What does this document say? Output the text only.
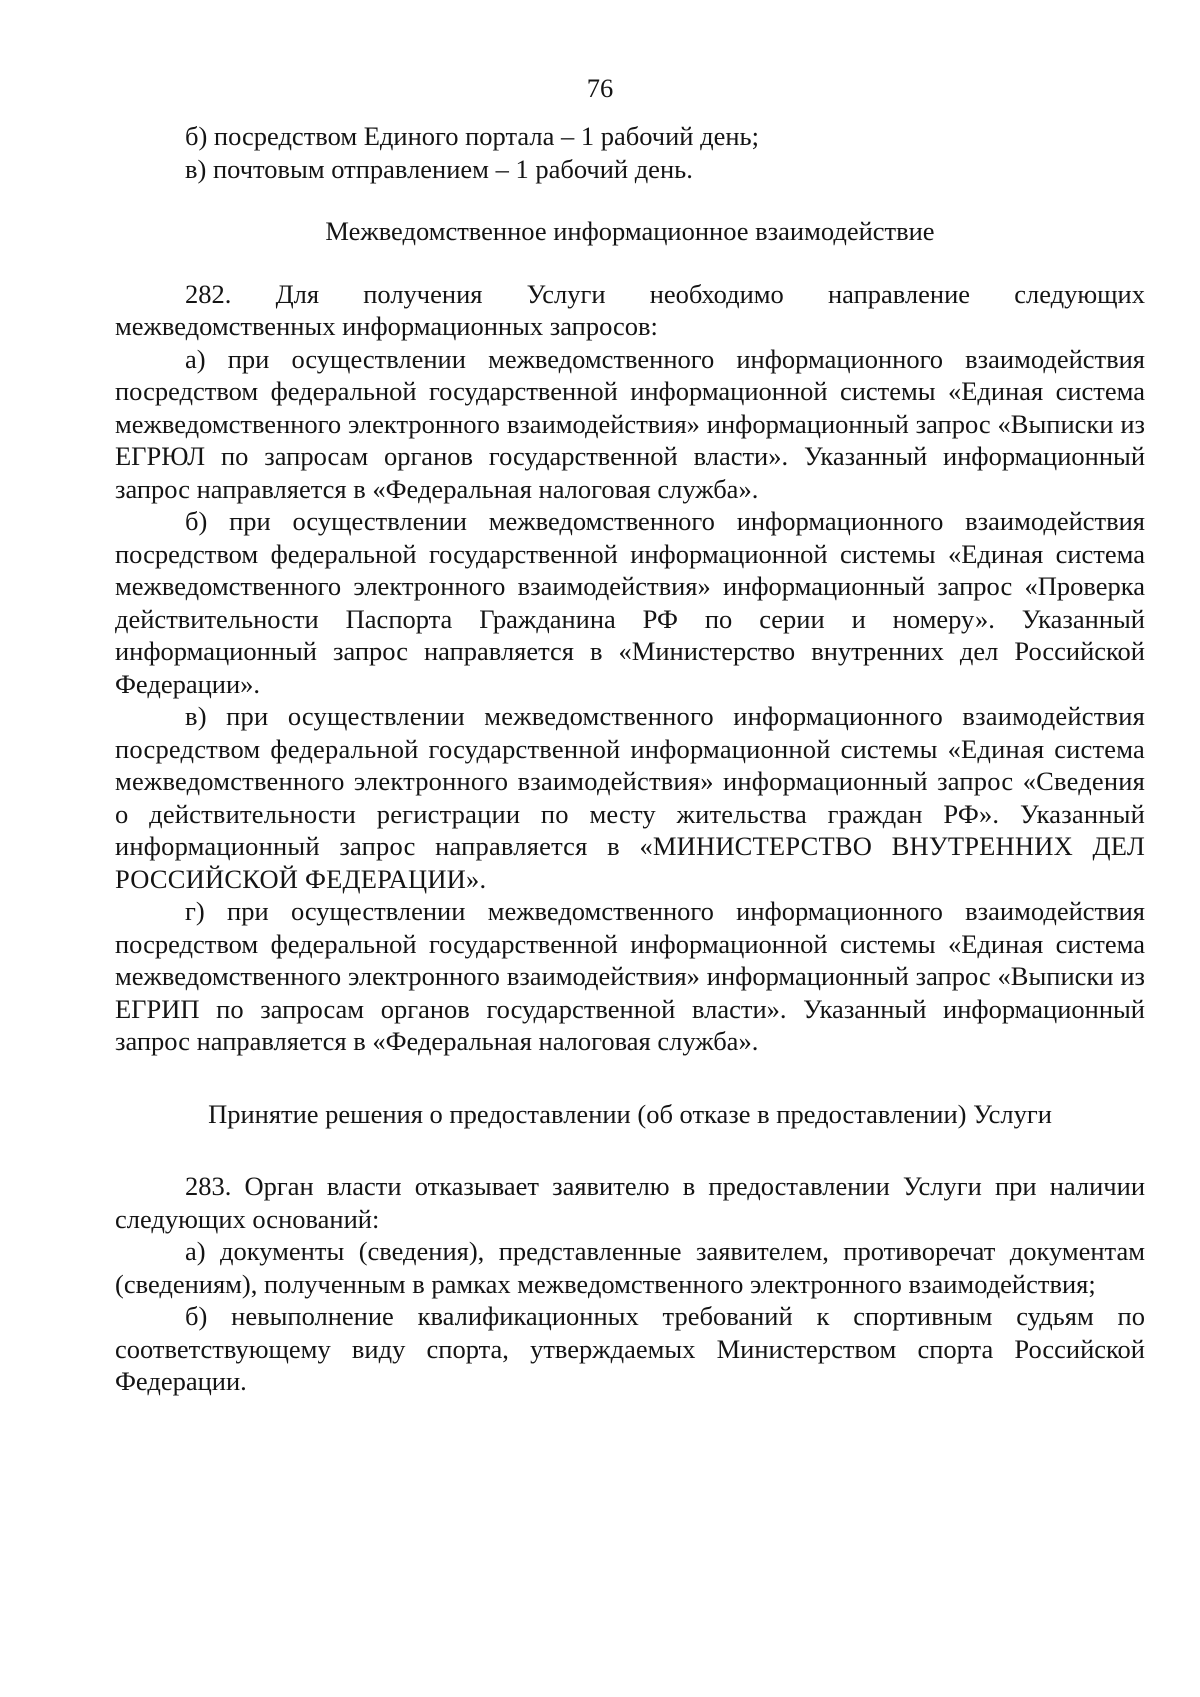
76

б) посредством Единого портала – 1 рабочий день;

в) почтовым отправлением – 1 рабочий день.

Межведомственное информационное взаимодействие

282. Для получения Услуги необходимо направление следующих межведомственных информационных запросов:

а) при осуществлении межведомственного информационного взаимодействия посредством федеральной государственной информационной системы «Единая система межведомственного электронного взаимодействия» информационный запрос «Выписки из ЕГРЮЛ по запросам органов государственной власти». Указанный информационный запрос направляется в «Федеральная налоговая служба».

б) при осуществлении межведомственного информационного взаимодействия посредством федеральной государственной информационной системы «Единая система межведомственного электронного взаимодействия» информационный запрос «Проверка действительности Паспорта Гражданина РФ по серии и номеру». Указанный информационный запрос направляется в «Министерство внутренних дел Российской Федерации».

в) при осуществлении межведомственного информационного взаимодействия посредством федеральной государственной информационной системы «Единая система межведомственного электронного взаимодействия» информационный запрос «Сведения о действительности регистрации по месту жительства граждан РФ». Указанный информационный запрос направляется в «МИНИСТЕРСТВО ВНУТРЕННИХ ДЕЛ РОССИЙСКОЙ ФЕДЕРАЦИИ».

г) при осуществлении межведомственного информационного взаимодействия посредством федеральной государственной информационной системы «Единая система межведомственного электронного взаимодействия» информационный запрос «Выписки из ЕГРИП по запросам органов государственной власти». Указанный информационный запрос направляется в «Федеральная налоговая служба».

Принятие решения о предоставлении (об отказе в предоставлении) Услуги

283. Орган власти отказывает заявителю в предоставлении Услуги при наличии следующих оснований:

а) документы (сведения), представленные заявителем, противоречат документам (сведениям), полученным в рамках межведомственного электронного взаимодействия;

б) невыполнение квалификационных требований к спортивным судьям по соответствующему виду спорта, утверждаемых Министерством спорта Российской Федерации.
